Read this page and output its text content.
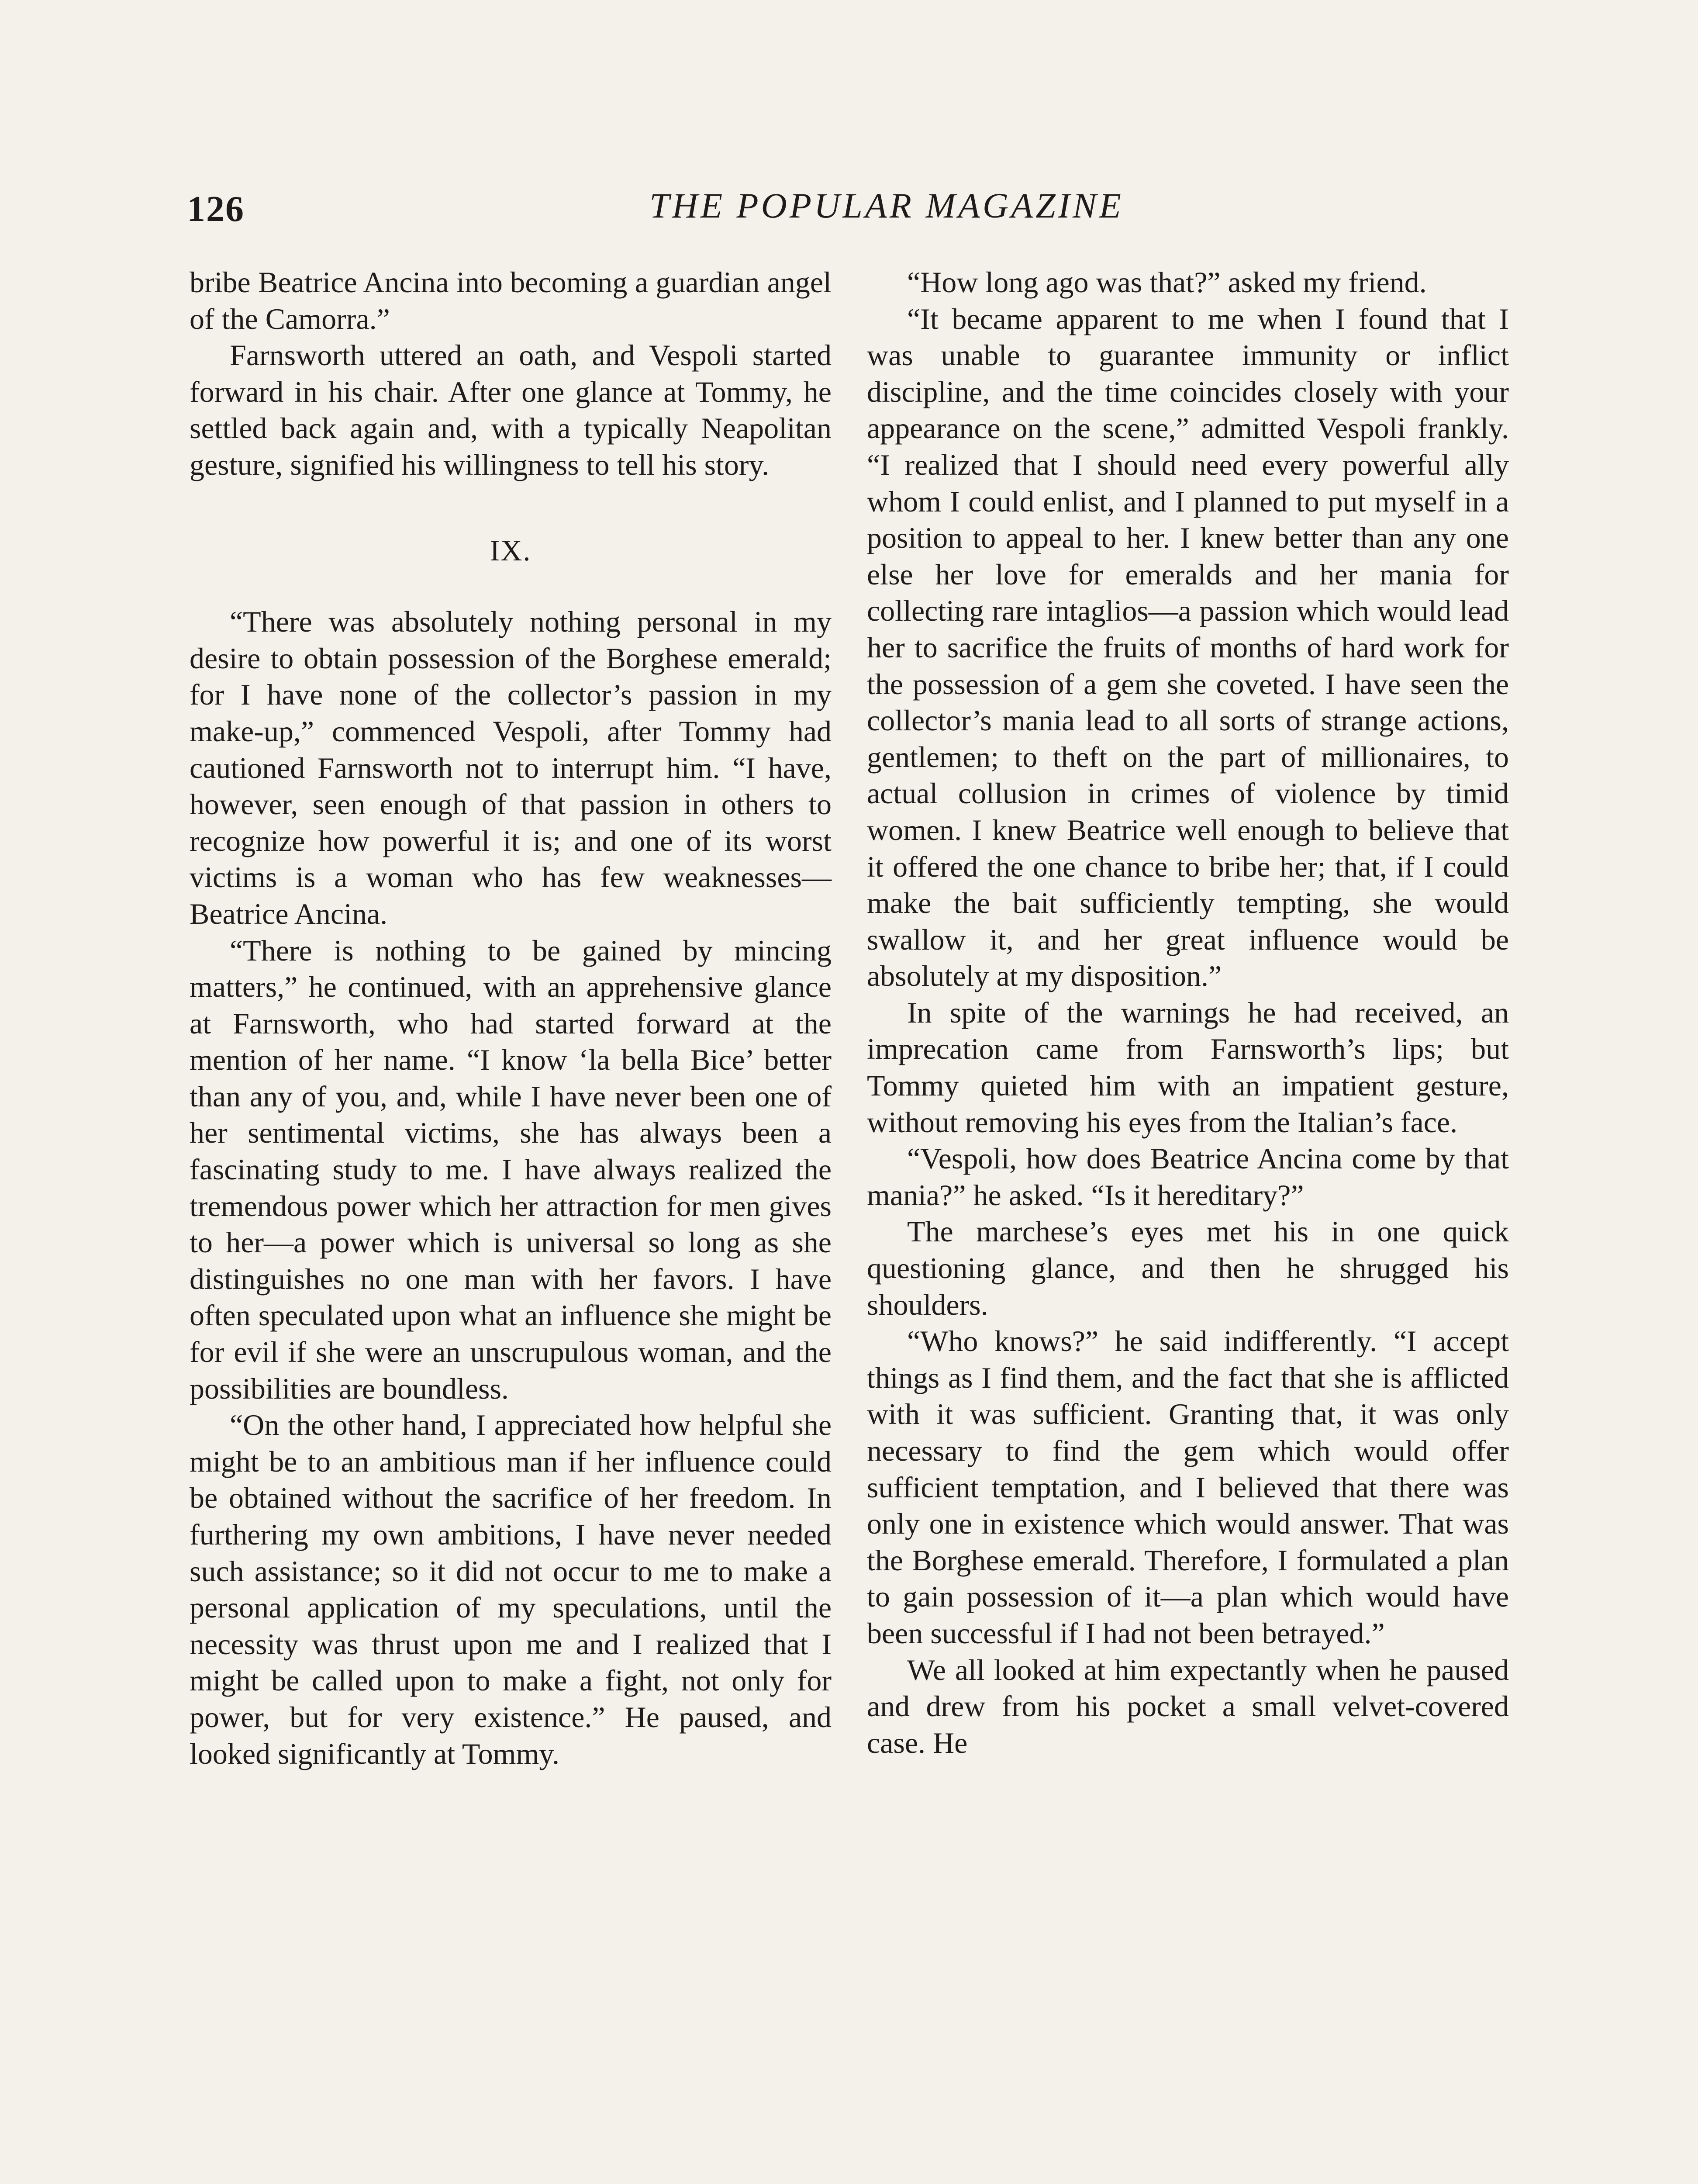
126	THE POPULAR MAGAZINE

bribe Beatrice Ancina into becoming a guardian angel of the Camorra.”

Farnsworth uttered an oath, and Vespoli started forward in his chair. After one glance at Tommy, he settled back again and, with a typically Neapolitan gesture, signified his willingness to tell his story.

IX.

“There was absolutely nothing personal in my desire to obtain possession of the Borghese emerald; for I have none of the collector’s passion in my make-up,” commenced Vespoli, after Tommy had cautioned Farnsworth not to interrupt him. “I have, however, seen enough of that passion in others to recognize how powerful it is; and one of its worst victims is a woman who has few weaknesses—Beatrice Ancina.

“There is nothing to be gained by mincing matters,” he continued, with an apprehensive glance at Farnsworth, who had started forward at the mention of her name. “I know ‘la bella Bice’ better than any of you, and, while I have never been one of her sentimental victims, she has always been a fascinating study to me. I have always realized the tremendous power which her attraction for men gives to her—a power which is universal so long as she distinguishes no one man with her favors. I have often speculated upon what an influence she might be for evil if she were an unscrupulous woman, and the possibilities are boundless.

“On the other hand, I appreciated how helpful she might be to an ambitious man if her influence could be obtained without the sacrifice of her freedom. In furthering my own ambitions, I have never needed such assistance; so it did not occur to me to make a personal application of my speculations, until the necessity was thrust upon me and I realized that I might be called upon to make a fight, not only for power, but for very existence.” He paused, and looked significantly at Tommy.

“How long ago was that?” asked my friend.

“It became apparent to me when I found that I was unable to guarantee immunity or inflict discipline, and the time coincides closely with your appearance on the scene,” admitted Vespoli frankly. “I realized that I should need every powerful ally whom I could enlist, and I planned to put myself in a position to appeal to her. I knew better than any one else her love for emeralds and her mania for collecting rare intaglios—a passion which would lead her to sacrifice the fruits of months of hard work for the possession of a gem she coveted. I have seen the collector’s mania lead to all sorts of strange actions, gentlemen; to theft on the part of millionaires, to actual collusion in crimes of violence by timid women. I knew Beatrice well enough to believe that it offered the one chance to bribe her; that, if I could make the bait sufficiently tempting, she would swallow it, and her great influence would be absolutely at my disposition.”

In spite of the warnings he had received, an imprecation came from Farnsworth’s lips; but Tommy quieted him with an impatient gesture, without removing his eyes from the Italian’s face.

“Vespoli, how does Beatrice Ancina come by that mania?” he asked. “Is it hereditary?”

The marchese’s eyes met his in one quick questioning glance, and then he shrugged his shoulders.

“Who knows?” he said indifferently. “I accept things as I find them, and the fact that she is afflicted with it was sufficient. Granting that, it was only necessary to find the gem which would offer sufficient temptation, and I believed that there was only one in existence which would answer. That was the Borghese emerald. Therefore, I formulated a plan to gain possession of it—a plan which would have been successful if I had not been betrayed.”

We all looked at him expectantly when he paused and drew from his pocket a small velvet-covered case. He
